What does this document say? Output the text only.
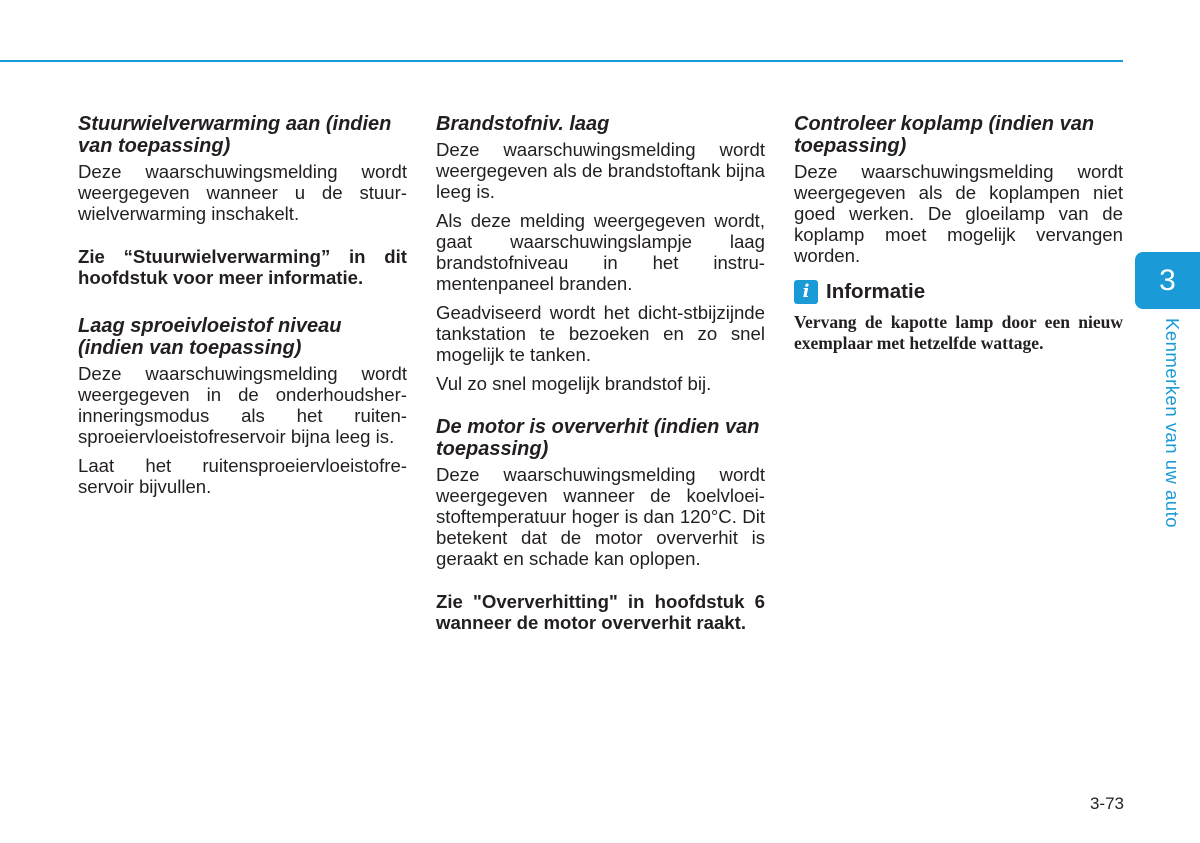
Stuurwielverwarming aan (indien van toepassing)

Deze waarschuwingsmelding wordt weergegeven wanneer u de stuur-wielverwarming inschakelt.

Zie “Stuurwielverwarming” in dit hoofdstuk voor meer informatie.

Laag sproeivloeistof niveau (indien van toepassing)

Deze waarschuwingsmelding wordt weergegeven in de onderhoudsher-inneringsmodus als het ruiten-sproeiervloeistofreservoir bijna leeg is.

Laat het ruitensproeiervloeistofre-servoir bijvullen.

Brandstofniv. laag

Deze waarschuwingsmelding wordt weergegeven als de brandstoftank bijna leeg is.

Als deze melding weergegeven wordt, gaat waarschuwingslampje laag brandstofniveau in het instru-mentenpaneel branden.

Geadviseerd wordt het dicht-stbijzijnde tankstation te bezoeken en zo snel mogelijk te tanken.

Vul zo snel mogelijk brandstof bij.

De motor is oververhit (indien van toepassing)

Deze waarschuwingsmelding wordt weergegeven wanneer de koelvloei-stoftemperatuur hoger is dan 120°C. Dit betekent dat de motor oververhit is geraakt en schade kan oplopen.

Zie "Oververhitting" in hoofdstuk 6 wanneer de motor oververhit raakt.

Controleer koplamp (indien van toepassing)

Deze waarschuwingsmelding wordt weergegeven als de koplampen niet goed werken. De gloeilamp van de koplamp moet mogelijk vervangen worden.

i Informatie

Vervang de kapotte lamp door een nieuw exemplaar met hetzelfde wattage.

3
Kenmerken van uw auto
3-73
